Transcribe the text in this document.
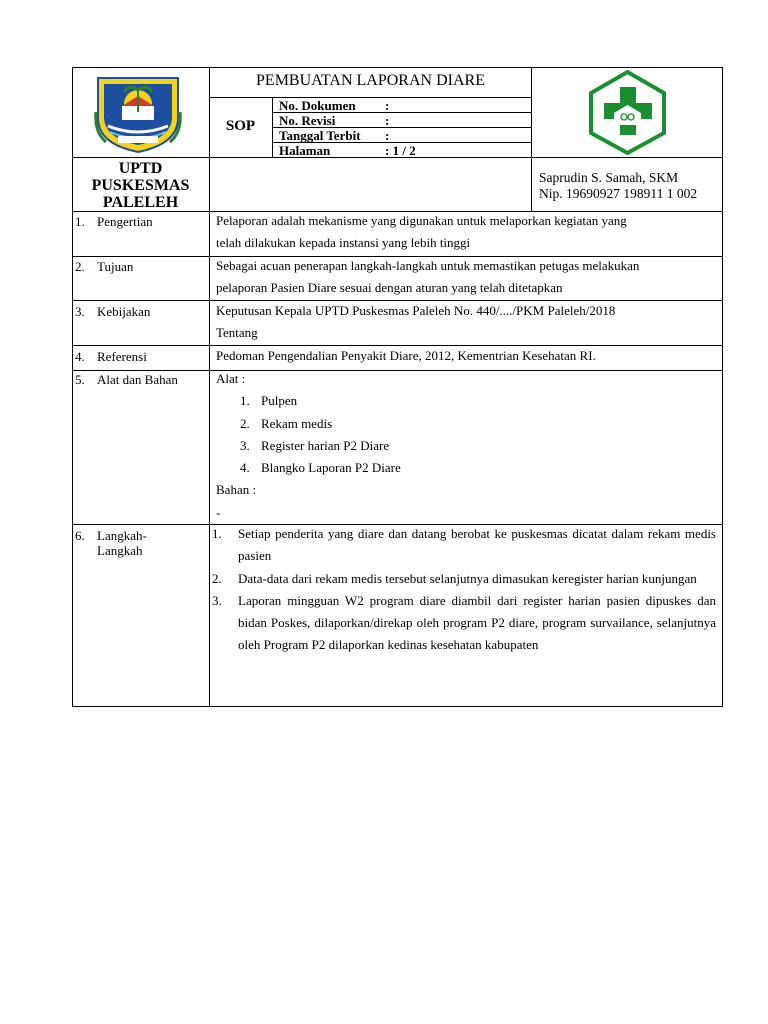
PEMBUATAN LAPORAN DIARE
SOP
No. Dokumen :
No. Revisi	:
Tanggal Terbit :
Halaman	: 1 / 2
UPTD
PUSKESMAS
PALELEH
Saprudin S. Samah, SKM
Nip. 19690927 198911 1 002
1. Pengertian	Pelaporan adalah mekanisme yang digunakan untuk melaporkan kegiatan yang
telah dilakukan kepada instansi yang lebih tinggi
2. Tujuan	Sebagai acuan penerapan langkah-langkah untuk memastikan petugas melakukan
pelaporan Pasien Diare sesuai dengan aturan yang telah ditetapkan
3. Kebijakan	Keputusan Kepala UPTD Puskesmas Paleleh No. 440/..../PKM Paleleh/2018
Tentang
4. Referensi	Pedoman Pengendalian Penyakit Diare, 2012, Kementrian Kesehatan RI.
5. Alat dan Bahan	Alat :
1. Pulpen
2. Rekam medis
3. Register harian P2 Diare
4. Blangko Laporan P2 Diare
Bahan :
-
6. Langkah-
Langkah
1. Setiap penderita yang diare dan datang berobat ke puskesmas dicatat dalam rekam medis pasien
2. Data-data dari rekam medis tersebut selanjutnya dimasukan keregister harian kunjungan
3. Laporan mingguan W2 program diare diambil dari register harian pasien dipuskes dan bidan Poskes, dilaporkan/direkap oleh program P2 diare, program survailance, selanjutnya oleh Program P2 dilaporkan kedinas kesehatan kabupaten
